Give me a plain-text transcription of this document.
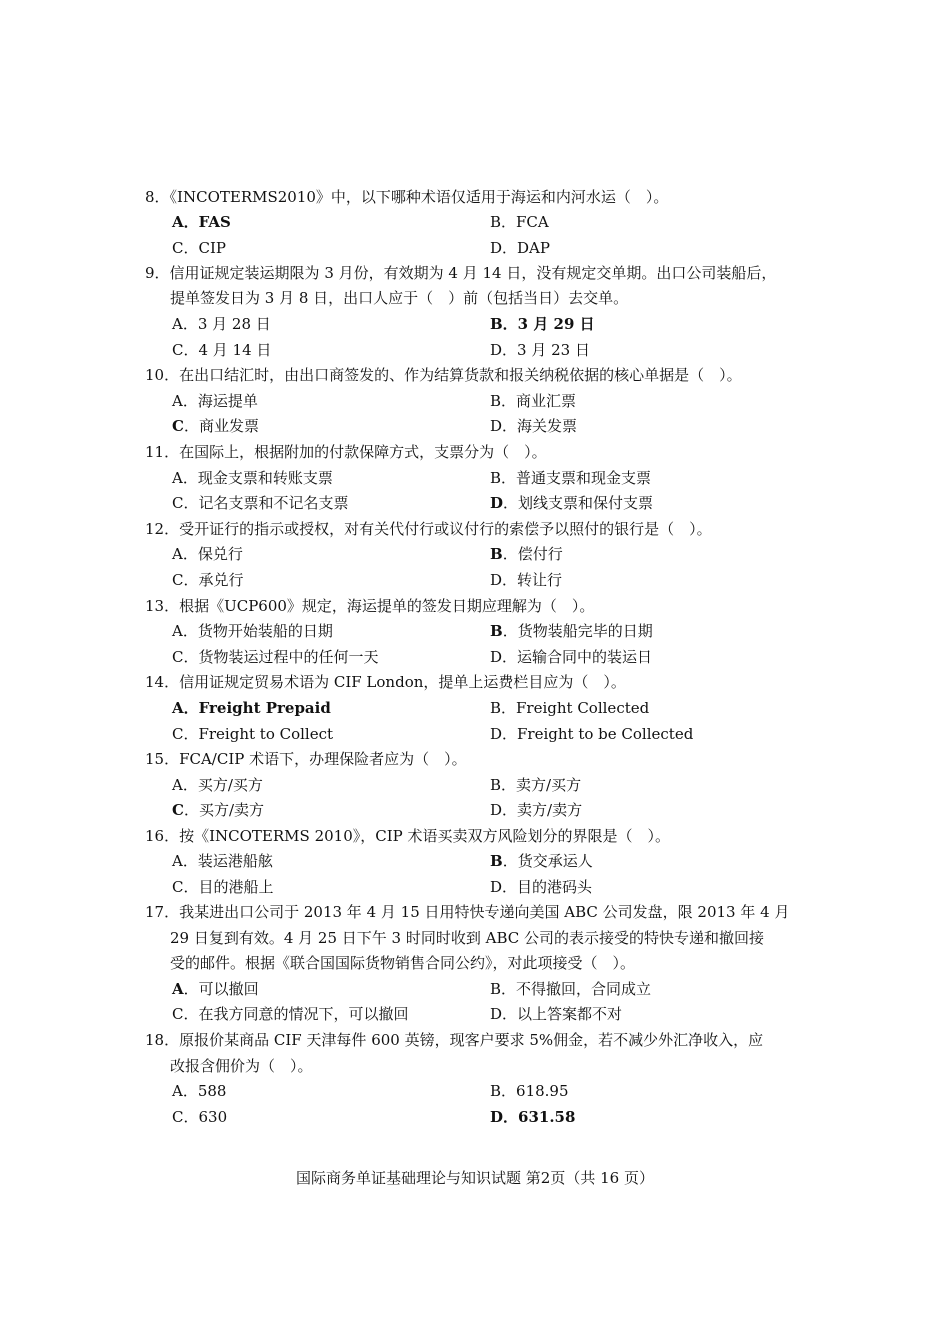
8．《INCOTERMS2010》中，以下哪种术语仅适用于海运和内河水运（　）。
A．FAS	B．FCA
C．CIP	D．DAP
9．信用证规定装运期限为 3 月份，有效期为 4 月 14 日，没有规定交单期。出口公司装船后，
提单签发日为 3 月 8 日，出口人应于（　）前（包括当日）去交单。
A．3 月 28 日	B．3 月 29 日
C．4 月 14 日	D．3 月 23 日
10．在出口结汇时，由出口商签发的、作为结算货款和报关纳税依据的核心单据是（　）。
A．海运提单	B．商业汇票
C．商业发票	D．海关发票
11．在国际上，根据附加的付款保障方式，支票分为（　）。
A．现金支票和转账支票	B．普通支票和现金支票
C．记名支票和不记名支票	D．划线支票和保付支票
12．受开证行的指示或授权，对有关代付行或议付行的索偿予以照付的银行是（　）。
A．保兑行	B．偿付行
C．承兑行	D．转让行
13．根据《UCP600》规定，海运提单的签发日期应理解为（　）。
A．货物开始装船的日期	B．货物装船完毕的日期
C．货物装运过程中的任何一天	D．运输合同中的装运日
14．信用证规定贸易术语为 CIF London，提单上运费栏目应为（　）。
A．Freight Prepaid	B．Freight Collected
C．Freight to Collect	D．Freight to be Collected
15．FCA/CIP 术语下，办理保险者应为（　）。
A．买方/买方	B．卖方/买方
C．买方/卖方	D．卖方/卖方
16．按《INCOTERMS 2010》，CIP 术语买卖双方风险划分的界限是（　）。
A．装运港船舷	B．货交承运人
C．目的港船上	D．目的港码头
17．我某进出口公司于 2013 年 4 月 15 日用特快专递向美国 ABC 公司发盘，限 2013 年 4 月
29 日复到有效。4 月 25 日下午 3 时同时收到 ABC 公司的表示接受的特快专递和撤回接
受的邮件。根据《联合国国际货物销售合同公约》，对此项接受（　）。
A．可以撤回	B．不得撤回，合同成立
C．在我方同意的情况下，可以撤回	D．以上答案都不对
18．原报价某商品 CIF 天津每件 600 英镑，现客户要求 5%佣金，若不减少外汇净收入，应
改报含佣价为（　）。
A．588	B．618.95
C．630	D．631.58
国际商务单证基础理论与知识试题 第2页（共 16 页）
